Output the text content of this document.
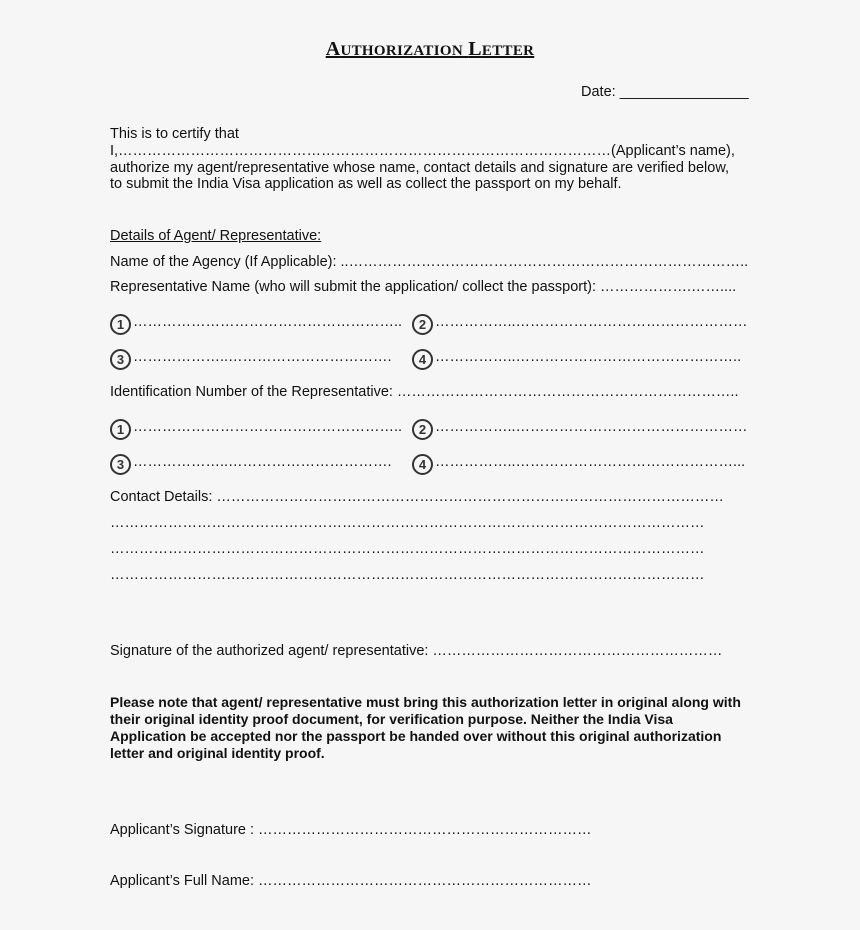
AUTHORIZATION LETTER
Date: ________________
This is to certify that
I,…………………………………………………………………………………………(Applicant’s name),
authorize my agent/representative whose name, contact details and signature are verified below,
to submit the India Visa application as well as collect the passport on my behalf.
Details of Agent/ Representative:
Name of the Agency (If Applicable): ..………………………………………………………………………..
Representative Name (who will submit the application/ collect the passport): ……………….……....
1 ………………………………………………..	2 ……………..…………………………………………
3 ………………..…………………………….	4 ……………..………………………………………..
Identification Number of the Representative: ……………………………………………………………..
1 ………………………………………………..	2 ……………..…………………………………………
3 ………………..…………………………….	4 ……………..………………………………………...
Contact Details: ……………………………………………………………………………………………
……………………………………………………………………………………………………………
……………………………………………………………………………………………………………
……………………………………………………………………………………………………………
Signature of the authorized agent/ representative: ……………………………………………………
Please note that agent/ representative must bring this authorization letter in original along with their original identity proof document, for verification purpose. Neither the India Visa Application be accepted nor the passport be handed over without this original authorization letter and original identity proof.
Applicant’s Signature : ……………………………………………………………
Applicant’s Full Name: ……………………………………………………………
